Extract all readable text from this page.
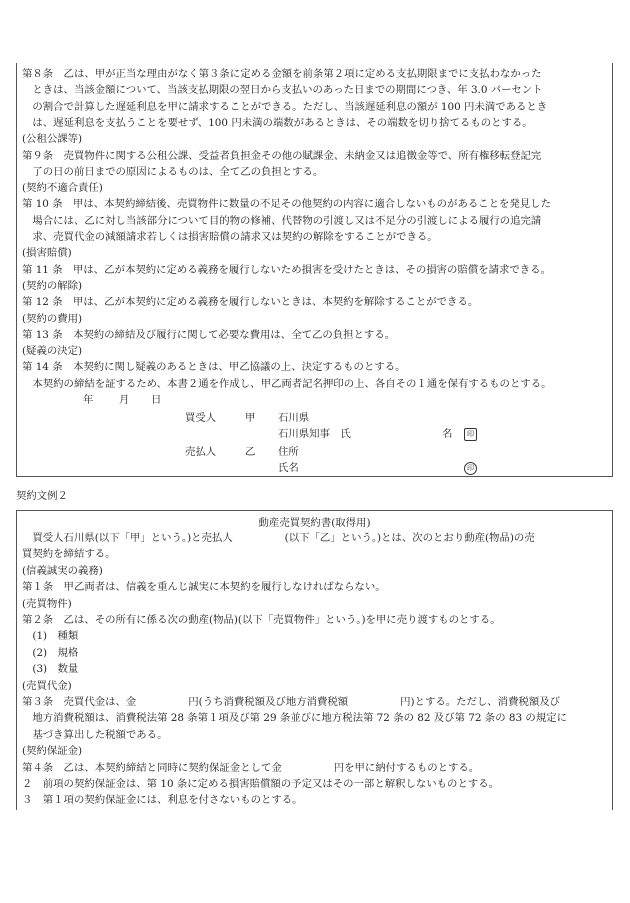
第８条　乙は、甲が正当な理由がなく第３条に定める金額を前条第２項に定める支払期限までに支払わなかった
　ときは、当該金額について、当該支払期限の翌日から支払いのあった日までの期間につき、年 3.0 パーセント
　の割合で計算した遅延利息を甲に請求することができる。ただし、当該遅延利息の額が 100 円未満であるとき
　は、遅延利息を支払うことを要せず、100 円未満の端数があるときは、その端数を切り捨てるものとする。
(公租公課等)
第９条　売買物件に関する公租公課、受益者負担金その他の賦課金、未納金又は追徴金等で、所有権移転登記完
　了の日の前日までの原因によるものは、全て乙の負担とする。
(契約不適合責任)
第 10 条　甲は、本契約締結後、売買物件に数量の不足その他契約の内容に適合しないものがあることを発見した
　場合には、乙に対し当該部分について目的物の修補、代替物の引渡し又は不足分の引渡しによる履行の追完請
　求、売買代金の減額請求若しくは損害賠償の請求又は契約の解除をすることができる。
(損害賠償)
第 11 条　甲は、乙が本契約に定める義務を履行しないため損害を受けたときは、その損害の賠償を請求できる。
(契約の解除)
第 12 条　甲は、乙が本契約に定める義務を履行しないときは、本契約を解除することができる。
(契約の費用)
第 13 条　本契約の締結及び履行に関して必要な費用は、全て乙の負担とする。
(疑義の決定)
第 14 条　本契約に関し疑義のあるときは、甲乙協議の上、決定するものとする。
　本契約の締結を証するため、本書２通を作成し、甲乙両者記名押印の上、各自その１通を保有するものとする。
年 月 日
買受人	甲 石川県
石川県知事　氏	名	印
売払人	乙 住所
氏名	印
契約文例２
動産売買契約書(取得用)
　買受人石川県(以下「甲」という。)と売払人　　　　　(以下「乙」という。)とは、次のとおり動産(物品)の売
買契約を締結する。
(信義誠実の義務)
第１条　甲乙両者は、信義を重んじ誠実に本契約を履行しなければならない。
(売買物件)
第２条　乙は、その所有に係る次の動産(物品)(以下「売買物件」という。)を甲に売り渡すものとする。
　(1)　種類
　(2)　規格
　(3)　数量
(売買代金)
第３条　売買代金は、金　　　　　円(うち消費税額及び地方消費税額　　　　　円)とする。ただし、消費税額及び
　地方消費税額は、消費税法第 28 条第１項及び第 29 条並びに地方税法第 72 条の 82 及び第 72 条の 83 の規定に
　基づき算出した税額である。
(契約保証金)
第４条　乙は、本契約締結と同時に契約保証金として金　　　　　円を甲に納付するものとする。
２　前項の契約保証金は、第 10 条に定める損害賠償額の予定又はその一部と解釈しないものとする。
３　第１項の契約保証金には、利息を付さないものとする。
